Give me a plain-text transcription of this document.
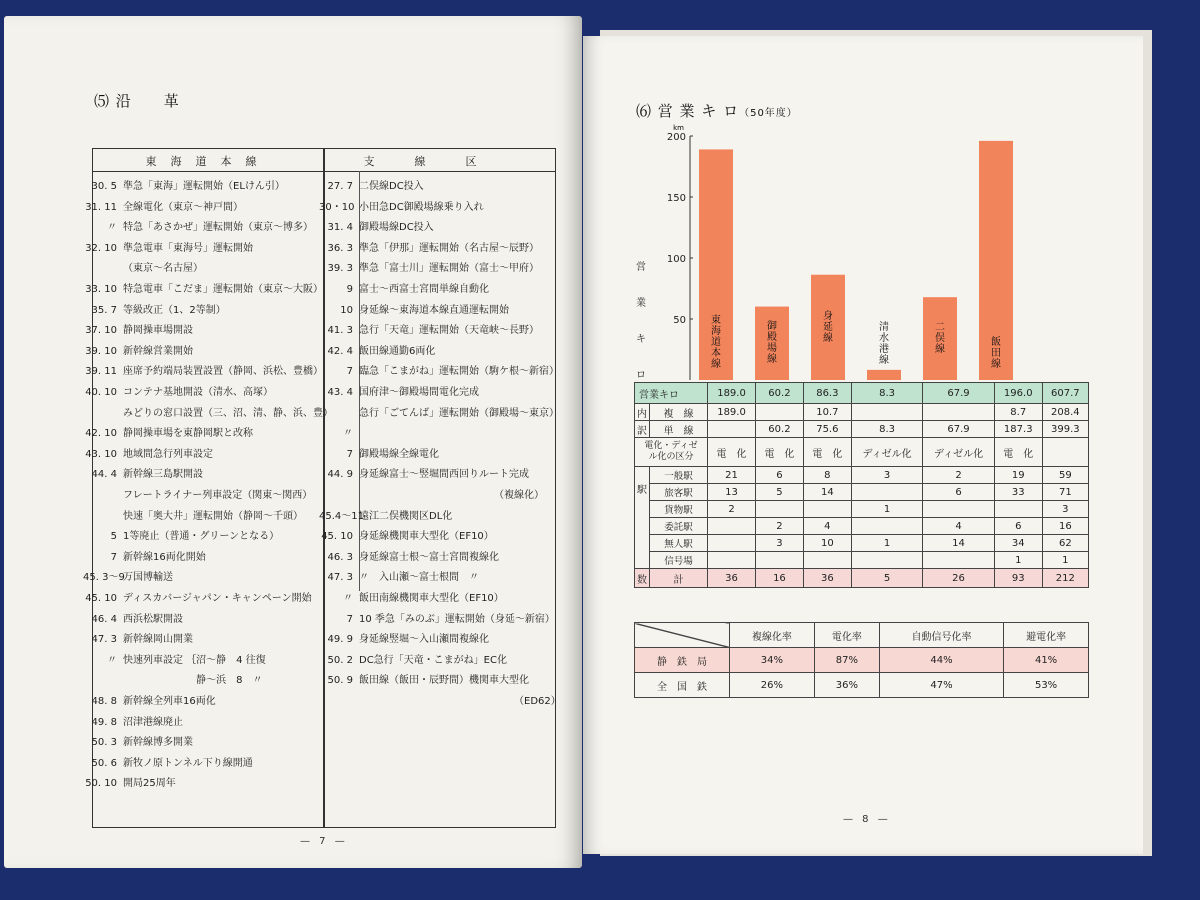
⑸ 沿　　革
東海道本線	支線区
30. 5 準急「東海」運転開始（ELけん引）
31. 11 全線電化（東京～神戸間）
〃 特急「あさかぜ」運転開始（東京～博多）
32. 10 準急電車「東海号」運転開始
（東京～名古屋）
33. 10 特急電車「こだま」運転開始（東京～大阪）
35. 7 等級改正（1、2等制）
37. 10 静岡操車場開設
39. 10 新幹線営業開始
39. 11 座席予約端局装置設置（静岡、浜松、豊橋）
40. 10 コンテナ基地開設（清水、高塚）
みどりの窓口設置（三、沼、清、静、浜、豊）
42. 10 静岡操車場を東静岡駅と改称
43. 10 地域間急行列車設定
44. 4 新幹線三島駅開設
フレートライナー列車設定（関東～関西）
快速「奥大井」運転開始（静岡～千頭）
5 1等廃止（普通・グリーンとなる）
7 新幹線16両化開始
45. 3～9万国博輸送
45. 10 ディスカバージャパン・キャンペーン開始
46. 4 西浜松駅開設
47. 3 新幹線岡山開業
〃 快速列車設定 ｛沼～静　4 往復
　　　　　　　 静～浜　8　〃
48. 8 新幹線全列車16両化
49. 8 沼津港線廃止
50. 3 新幹線博多開業
50. 6 新牧ノ原トンネル下り線開通
50. 10 開局25周年
27. 7 二俣線DC投入
30・10 小田急DC御殿場線乗り入れ
31. 4 御殿場線DC投入
36. 3 準急「伊那」運転開始（名古屋～辰野）
39. 3 準急「富士川」運転開始（富士～甲府）
9 富士～西富士宮間単線自動化
10 身延線～東海道本線直通運転開始
41. 3 急行「天竜」運転開始（天竜峡～長野）
42. 4 飯田線通勤6両化
7 臨急「こまがね」運転開始（駒ケ根～新宿）
43. 4 国府津～御殿場間電化完成
急行「ごてんば」運転開始（御殿場～東京）
〃
7 御殿場線全線電化
44. 9 身延線富士～竪堀間西回りルート完成
　　　　　　　　　　　　　　（複線化）
45.4～11遠江二俣機関区DL化
45. 10 身延線機関車大型化（EF10）
46. 3 身延線富士根～富士宮間複線化
47. 3 〃　入山瀬～富士根間　〃
〃 飯田南線機関車大型化（EF10）
7 10 季急「みのぶ」運転開始（身延～新宿）
49. 9 身延線竪堀～入山瀬間複線化
50. 2 DC急行「天竜・こまがね」EC化
50. 9 飯田線（飯田・辰野間）機関車大型化
　　　　　　　　　　　　　　　　（ED62）
— 7 —
— 8 —
⑹ 営 業 キ ロ（50年度）
営業キロ
50
100
150
200
km
東海道本線
御殿場線
身延線
清水港線
二俣線
飯田線
営業キロ		189.0	60.2	86.3	8.3	67.9	196.0	607.7
内	複　線	189.0		10.7			8.7	208.4
訳	単　線		60.2	75.6	8.3	67.9	187.3	399.3
電化・ディゼ
ル化の区分		電　化	電　化	電　化	ディゼル化	ディゼル化	電　化	
駅	一般駅	21	6	8	3	2	19	59
	旅客駅	13	5	14		6	33	71
	貨物駅	2			1			3
	委託駅		2	4		4	6	16
	無人駅		3	10	1	14	34	62
	信号場						1	1
数	計	36	16	36	5	26	93	212
	複線化率	電化率	自動信号化率	避電化率
静　鉄　局	34%	87%	44%	41%
全　国　鉄	26%	36%	47%	53%
